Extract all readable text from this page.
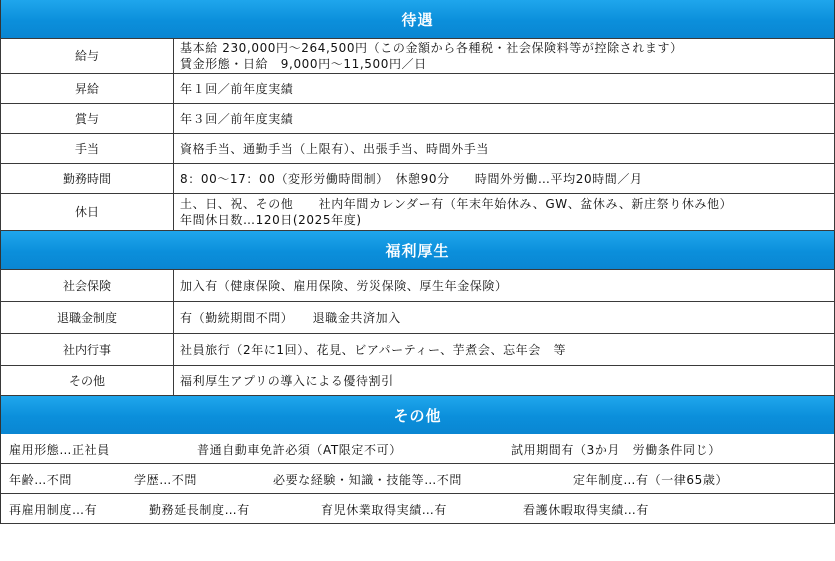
待遇
給与	基本給 230,000円～264,500円（この金額から各種税・社会保険料等が控除されます）
賃金形態・日給　9,000円～11,500円／日

昇給	年１回／前年度実績

賞与	年３回／前年度実績

手当	資格手当、通勤手当（上限有）、出張手当、時間外手当

勤務時間	8：00～17：00（変形労働時間制）　休憩90分　　時間外労働…平均20時間／月

休日	土、日、祝、その他　　社内年間カレンダー有（年末年始休み、GW、盆休み、新庄祭り休み他）
年間休日数…120日(2025年度)
福利厚生
社会保険	加入有（健康保険、雇用保険、労災保険、厚生年金保険）

退職金制度	有（勤続期間不問）　　退職金共済加入

社内行事	社員旅行（2年に1回）、花見、ビアパーティー、芋煮会、忘年会　等

その他	福利厚生アプリの導入による優待割引
その他
雇用形態…正社員	普通自動車免許必須（AT限定不可）	試用期間有（3か月　労働条件同じ）
年齢…不問	学歴…不問	必要な経験・知識・技能等…不問	定年制度…有（一律65歳）
再雇用制度…有	勤務延長制度…有	育児休業取得実績…有	看護休暇取得実績…有
